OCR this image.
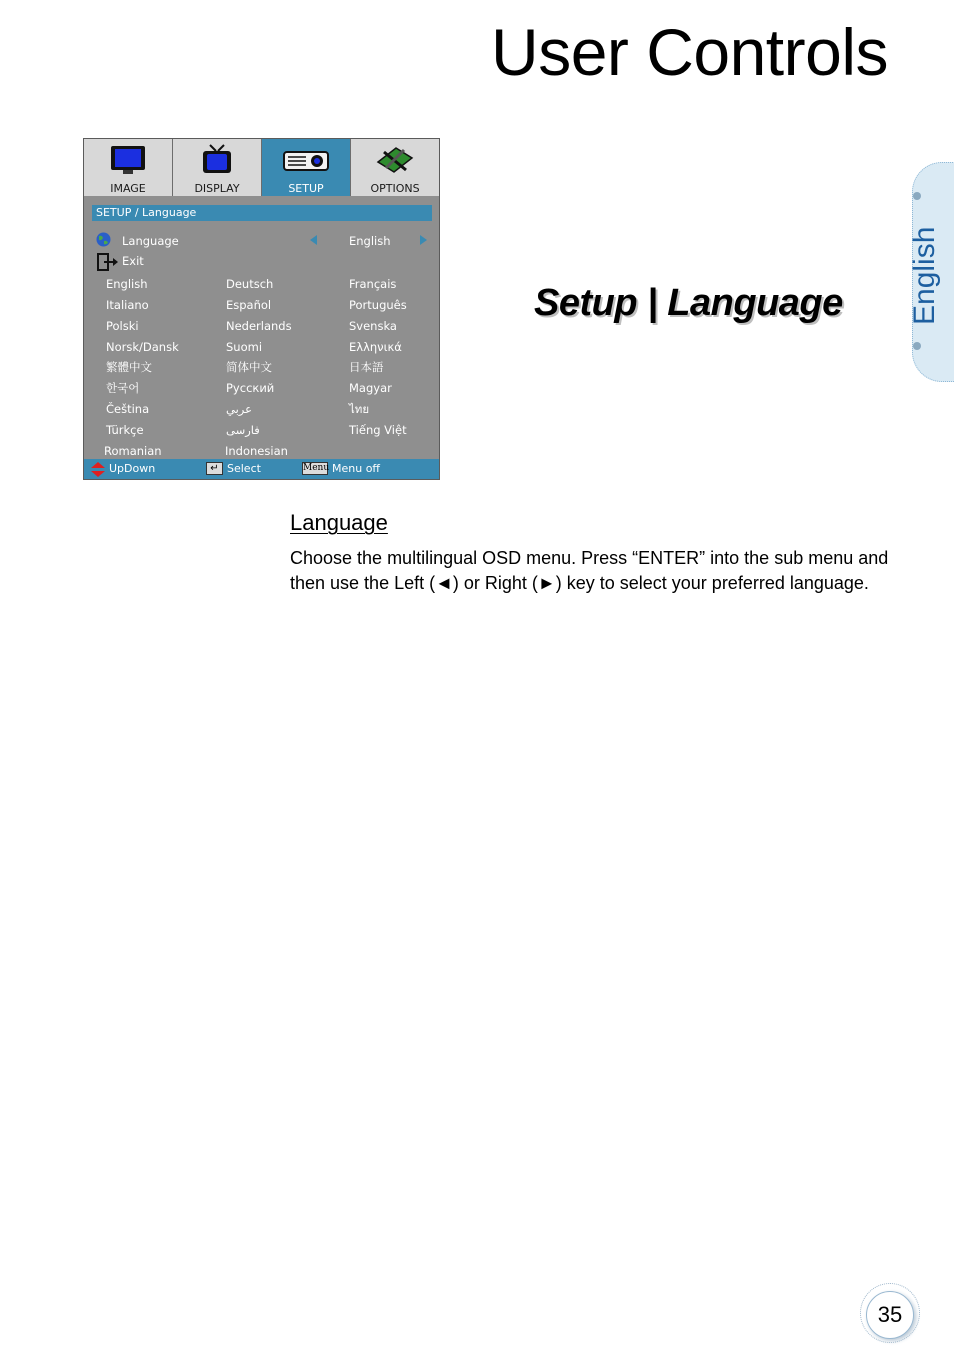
User Controls
English
IMAGE	DISPLAY	SETUP	OPTIONS
SETUP / Language
Language	English
Exit
English	Deutsch	Français
Italiano	Español	Português
Polski	Nederlands	Svenska
Norsk/Dansk	Suomi	Ελληνικά
繁體中文	简体中文	日本語
한국어	Русский	Magyar
Čeština	عربي	ไทย
Türkçe	فارسی	Tiếng Việt
Romanian	Indonesian
UpDown	↵ Select	Menu Menu off
Setup | Language
Language
Choose the multilingual OSD menu. Press “ENTER” into the sub menu and then use the Left (◄) or Right (►) key to select your preferred language.
35
